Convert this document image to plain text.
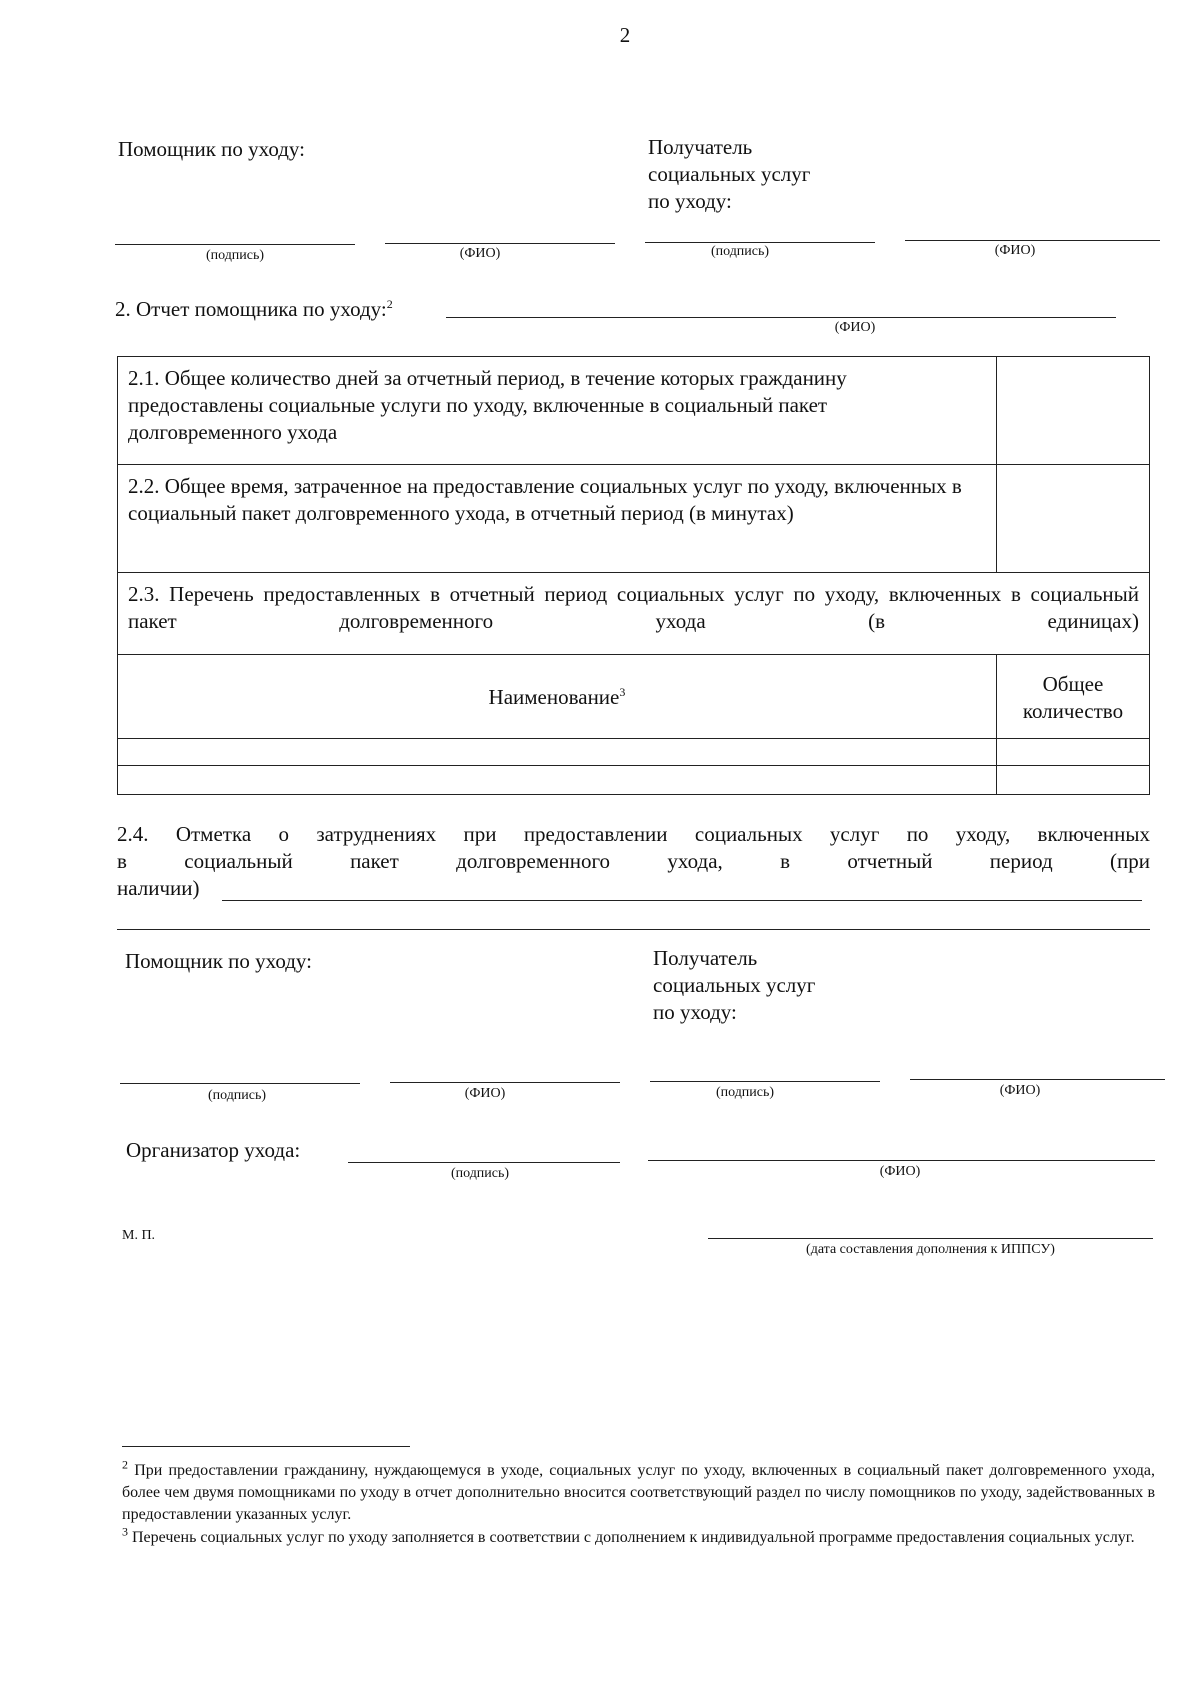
2
Помощник по уходу:	Получатель
социальных услуг
по уходу:
(подпись)	(ФИО)	(подпись)	(ФИО)
2. Отчет помощника по уходу:$^2$
(ФИО)
2.1. Общее количество дней за отчетный период, в течение которых гражданину предоставлены социальные услуги по уходу, включенные в социальный пакет долговременного ухода	
2.2. Общее время, затраченное на предоставление социальных услуг по уходу, включенных в социальный пакет долговременного ухода, в отчетный период (в минутах)	
2.3. Перечень предоставленных в отчетный период социальных услуг по уходу, включенных в социальный пакет долговременного ухода (в единицах)	
Наименование$^3$	Общее количество

2.4. Отметка о затруднениях при предоставлении социальных услуг по уходу, включенных
в социальный пакет долговременного ухода, в отчетный период (при
наличии)
Помощник по уходу:	Получатель
социальных услуг
по уходу:
(подпись)	(ФИО)	(подпись)	(ФИО)
Организатор ухода:
(подпись)	(ФИО)
М. П.
(дата составления дополнения к ИППСУ)
$^2$ При предоставлении гражданину, нуждающемуся в уходе, социальных услуг по уходу, включенных в социальный пакет долговременного ухода, более чем двумя помощниками по уходу в отчет дополнительно вносится соответствующий раздел по числу помощников по уходу, задействованных в предоставлении указанных услуг.
$^3$ Перечень социальных услуг по уходу заполняется в соответствии с дополнением к индивидуальной программе предоставления социальных услуг.
